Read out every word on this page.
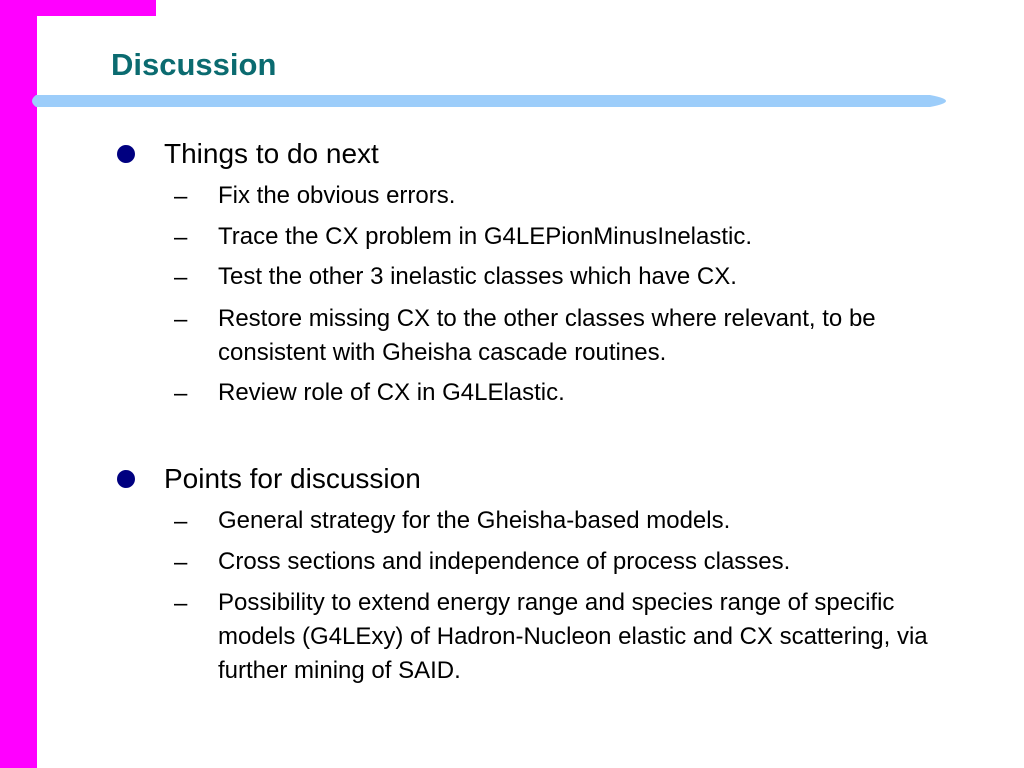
Discussion
Things to do next
– Fix the obvious errors.
– Trace the CX problem in G4LEPionMinusInelastic.
– Test the other 3 inelastic classes which have CX.
– Restore missing CX to the other classes where relevant, to be consistent with Gheisha cascade routines.
– Review role of CX in G4LElastic.
Points for discussion
– General strategy for the Gheisha-based models.
– Cross sections and independence of process classes.
– Possibility to extend energy range and species range of specific models (G4LExy) of Hadron-Nucleon elastic and CX scattering, via further mining of SAID.
